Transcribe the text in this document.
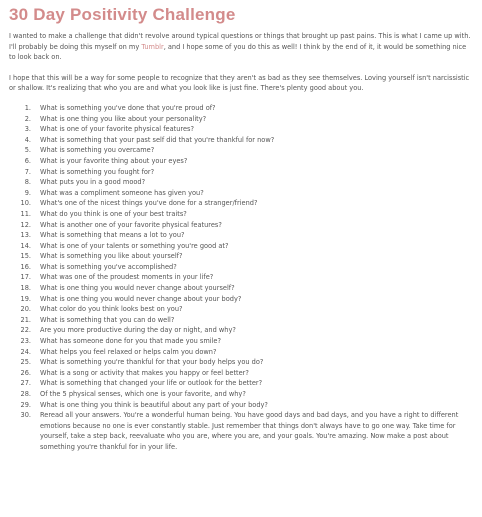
30 Day Positivity Challenge

I wanted to make a challenge that didn't revolve around typical questions or things that brought up past pains. This is what I came up with. I'll probably be doing this myself on my Tumblr, and I hope some of you do this as well! I think by the end of it, it would be something nice to look back on.

I hope that this will be a way for some people to recognize that they aren't as bad as they see themselves. Loving yourself isn't narcissistic or shallow. It's realizing that who you are and what you look like is just fine. There's plenty good about you.

1.	What is something you've done that you're proud of?
2.	What is one thing you like about your personality?
3.	What is one of your favorite physical features?
4.	What is something that your past self did that you're thankful for now?
5.	What is something you overcame?
6.	What is your favorite thing about your eyes?
7.	What is something you fought for?
8.	What puts you in a good mood?
9.	What was a compliment someone has given you?
10.	What's one of the nicest things you've done for a stranger/friend?
11.	What do you think is one of your best traits?
12.	What is another one of your favorite physical features?
13.	What is something that means a lot to you?
14.	What is one of your talents or something you're good at?
15.	What is something you like about yourself?
16.	What is something you've accomplished?
17.	What was one of the proudest moments in your life?
18.	What is one thing you would never change about yourself?
19.	What is one thing you would never change about your body?
20.	What color do you think looks best on you?
21.	What is something that you can do well?
22.	Are you more productive during the day or night, and why?
23.	What has someone done for you that made you smile?
24.	What helps you feel relaxed or helps calm you down?
25.	What is something you're thankful for that your body helps you do?
26.	What is a song or activity that makes you happy or feel better?
27.	What is something that changed your life or outlook for the better?
28.	Of the 5 physical senses, which one is your favorite, and why?
29.	What is one thing you think is beautiful about any part of your body?
30.	Reread all your answers. You're a wonderful human being. You have good days and bad days, and you have a right to different emotions because no one is ever constantly stable. Just remember that things don't always have to go one way. Take time for yourself, take a step back, reevaluate who you are, where you are, and your goals. You're amazing. Now make a post about something you're thankful for in your life.
